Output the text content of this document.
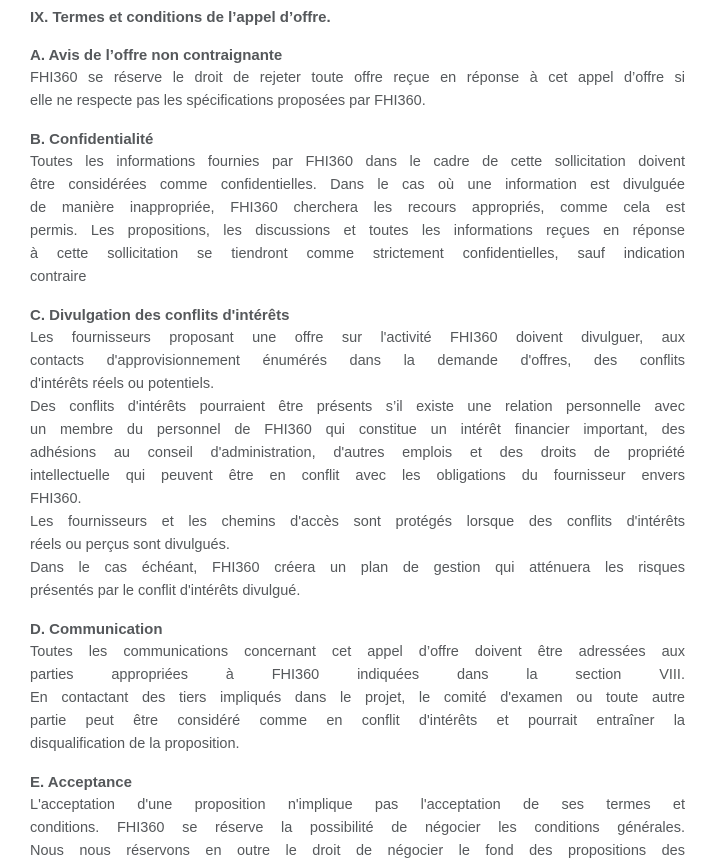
IX. Termes et conditions de l’appel d’offre.
A. Avis de l’offre non contraignante
FHI360 se réserve le droit de rejeter toute offre reçue en réponse à cet appel d’offre si
elle ne respecte pas les spécifications proposées par FHI360.
B. Confidentialité
Toutes les informations fournies par FHI360 dans le cadre de cette sollicitation doivent
être considérées comme confidentielles. Dans le cas où une information est divulguée
de manière inappropriée, FHI360 cherchera les recours appropriés, comme cela est
permis. Les propositions, les discussions et toutes les informations reçues en réponse
à cette sollicitation se tiendront comme strictement confidentielles, sauf indication
contraire
C. Divulgation des conflits d'intérêts
Les fournisseurs proposant une offre sur l'activité FHI360 doivent divulguer, aux
contacts d'approvisionnement énumérés dans la demande d'offres, des conflits
d'intérêts réels ou potentiels.
Des conflits d'intérêts pourraient être présents s’il existe une relation personnelle avec
un membre du personnel de FHI360 qui constitue un intérêt financier important, des
adhésions au conseil d'administration, d'autres emplois et des droits de propriété
intellectuelle qui peuvent être en conflit avec les obligations du fournisseur envers
FHI360.
Les fournisseurs et les chemins d'accès sont protégés lorsque des conflits d'intérêts
réels ou perçus sont divulgués.
Dans le cas échéant, FHI360 créera un plan de gestion qui atténuera les risques
présentés par le conflit d'intérêts divulgué.
D. Communication
Toutes les communications concernant cet appel d’offre doivent être adressées aux
parties appropriées à FHI360 indiquées dans la section VIII.
En contactant des tiers impliqués dans le projet, le comité d'examen ou toute autre
partie peut être considéré comme en conflit d'intérêts et pourrait entraîner la
disqualification de la proposition.
E. Acceptance
L'acceptation d'une proposition n'implique pas l'acceptation de ses termes et
conditions. FHI360 se réserve la possibilité de négocier les conditions générales.
Nous nous réservons en outre le droit de négocier le fond des propositions des
